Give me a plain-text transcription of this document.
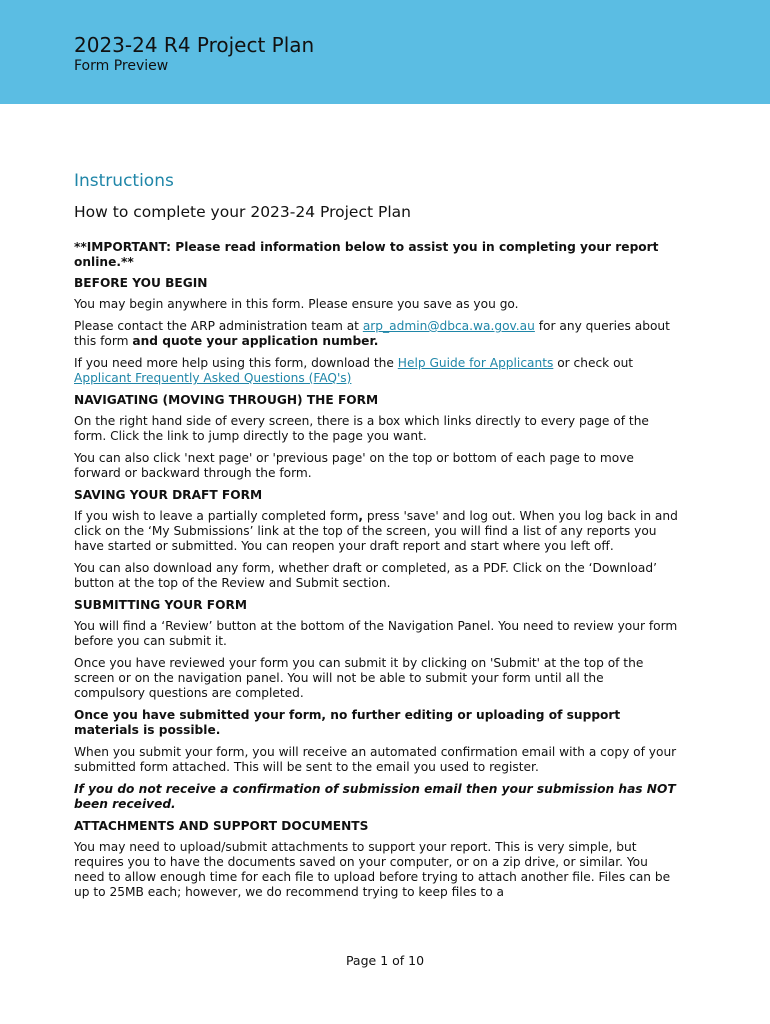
2023-24 R4 Project Plan
Form Preview
Instructions
How to complete your 2023-24 Project Plan

**IMPORTANT: Please read information below to assist you in completing your report online.**

BEFORE YOU BEGIN

You may begin anywhere in this form. Please ensure you save as you go.

Please contact the ARP administration team at arp_admin@dbca.wa.gov.au for any queries about this form and quote your application number.

If you need more help using this form, download the Help Guide for Applicants or check out Applicant Frequently Asked Questions (FAQ's)

NAVIGATING (MOVING THROUGH) THE FORM

On the right hand side of every screen, there is a box which links directly to every page of the form. Click the link to jump directly to the page you want.

You can also click 'next page' or 'previous page' on the top or bottom of each page to move forward or backward through the form.

SAVING YOUR DRAFT FORM

If you wish to leave a partially completed form, press 'save' and log out. When you log back in and click on the ‘My Submissions’ link at the top of the screen, you will find a list of any reports you have started or submitted. You can reopen your draft report and start where you left off.

You can also download any form, whether draft or completed, as a PDF. Click on the ‘Download’ button at the top of the Review and Submit section.

SUBMITTING YOUR FORM

You will find a ‘Review’ button at the bottom of the Navigation Panel. You need to review your form before you can submit it.

Once you have reviewed your form you can submit it by clicking on 'Submit' at the top of the screen or on the navigation panel. You will not be able to submit your form until all the compulsory questions are completed.

Once you have submitted your form, no further editing or uploading of support materials is possible.

When you submit your form, you will receive an automated confirmation email with a copy of your submitted form attached. This will be sent to the email you used to register.

If you do not receive a confirmation of submission email then your submission has NOT been received.

ATTACHMENTS AND SUPPORT DOCUMENTS

You may need to upload/submit attachments to support your report. This is very simple, but requires you to have the documents saved on your computer, or on a zip drive, or similar. You need to allow enough time for each file to upload before trying to attach another file. Files can be up to 25MB each; however, we do recommend trying to keep files to a

Page 1 of 10
